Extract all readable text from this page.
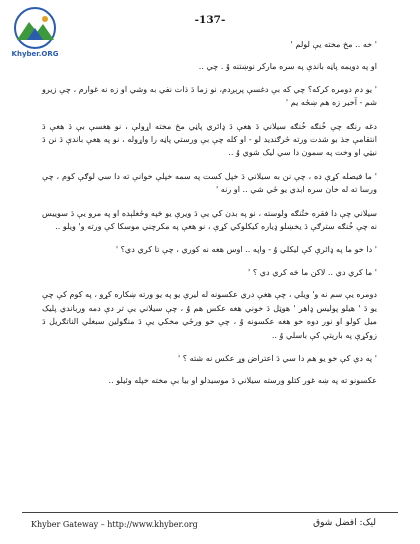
Khyber.ORG
-137-

' خه .. مخ مخته يې لولم '

او په دويمه پاڼه باندې په سره مارکر نوښتنه وُ . چي ..

' يو دم دومره کرکه؟ چي که بې دغسې پرېږدم، نو زما دَ ذات نفي به وشي او زه نه غوارم ، چې زيرو شم - آخير زه هم ښځه يم '

دغه رنګه چې خُنګه خُنګه سيلاني دَ هغې دَ ډائري پاڼي مخ مخته اړولې ، نو هغسې بې دَ هغې دَ انتقامې جذ بو شدت ورته ځرګنديد لو - او کله چې بې ورستي پاڼه را واړوله ، نو په هغې باندې دَ نن دَ نيټي او وخت په سمون دا سي ليک شوي وُ ..

' ما فيصله کړې ده ، چې نن به سيلاني دَ خپل کست په سمه خپلې خوانې ته دا سي لوګې کوم ، چې ورسا ته له خان سره ابدي يو ځي شي .. او رنه '

سيلاني چې دا فقره ختُنګه ولوسته ، نو په بدن کي يې دَ ويرې يو څپه وځغلېده او په مرو يې دَ سوييس نه چې خُنګه سترګې دَ يخښلو ډياره کيکلوکي کړې ، نو هغې په مکرچني موسکا کې ورته و' ويلو ..

' دا خو ما په ډائرې کې ليکلي وُ - واپه .. اوس هغه نه کوري ، چې تا کري دي؟ '

' ما کري دي .. لاکن ما څه کري دي ؟ '

دومره يې سم نه و' ويلي ، چې هغې دري عکسونه له ليرې يو په يو ورته ښکاره کړو ، په کوم کې چې يو دَ ' هيلو پوليس ډاهر ' هوټل دَ خوني هغه عکس هم وُ ، چې سيلاني يې تر دې دمه ورباندي پليک ميل کولو او نور دوه خو هغه عکسونه وُ ، چې خو ورځي مخکي يې دَ منګولين سبغلي الناتګريل دَ زوکړې په بارېتې کې باسلي وُ ..

' په دې کې خو يو هم دا سي دَ اعتراض وړ عکس نه شته ؟ '

عکسونو ته په ښه غور کتلو ورسته سيلاني دَ موسيدلو او بيا بې مخته خپله وئيلو ..

Khyber Gateway – http://www.khyber.org	ليک: افضل شوق
